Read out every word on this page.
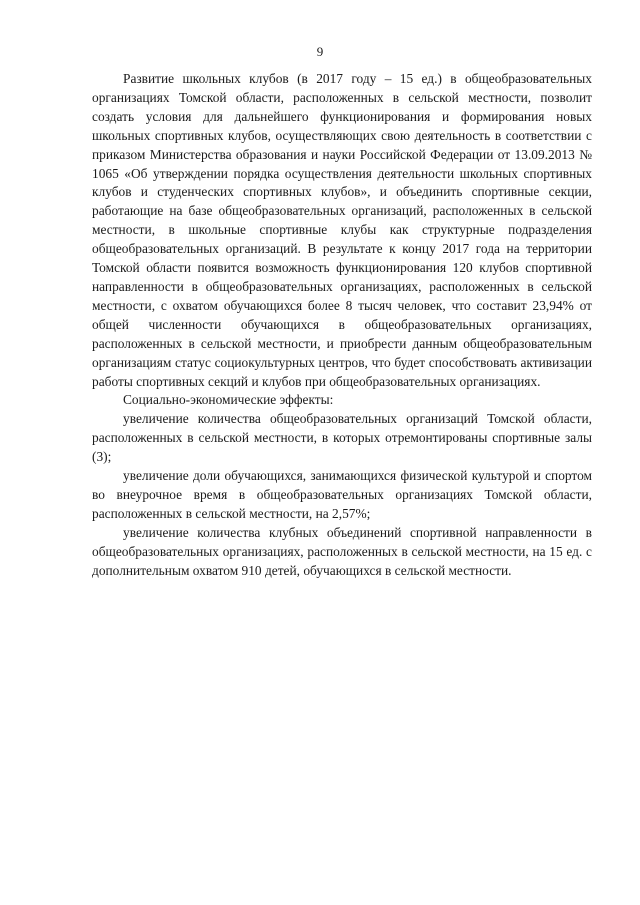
9

Развитие школьных клубов (в 2017 году – 15 ед.) в общеобразовательных организациях Томской области, расположенных в сельской местности, позволит создать условия для дальнейшего функционирования и формирования новых школьных спортивных клубов, осуществляющих свою деятельность в соответствии с приказом Министерства образования и науки Российской Федерации от 13.09.2013 № 1065 «Об утверждении порядка осуществления деятельности школьных спортивных клубов и студенческих спортивных клубов», и объединить спортивные секции, работающие на базе общеобразовательных организаций, расположенных в сельской местности, в школьные спортивные клубы как структурные подразделения общеобразовательных организаций. В результате к концу 2017 года на территории Томской области появится возможность функционирования 120 клубов спортивной направленности в общеобразовательных организациях, расположенных в сельской местности, с охватом обучающихся более 8 тысяч человек, что составит 23,94% от общей численности обучающихся в общеобразовательных организациях, расположенных в сельской местности, и приобрести данным общеобразовательным организациям статус социокультурных центров, что будет способствовать активизации работы спортивных секций и клубов при общеобразовательных организациях.

Социально-экономические эффекты:

увеличение количества общеобразовательных организаций Томской области, расположенных в сельской местности, в которых отремонтированы спортивные залы (3);

увеличение доли обучающихся, занимающихся физической культурой и спортом во внеурочное время в общеобразовательных организациях Томской области, расположенных в сельской местности, на 2,57%;

увеличение количества клубных объединений спортивной направленности в общеобразовательных организациях, расположенных в сельской местности, на 15 ед. с дополнительным охватом 910 детей, обучающихся в сельской местности.
